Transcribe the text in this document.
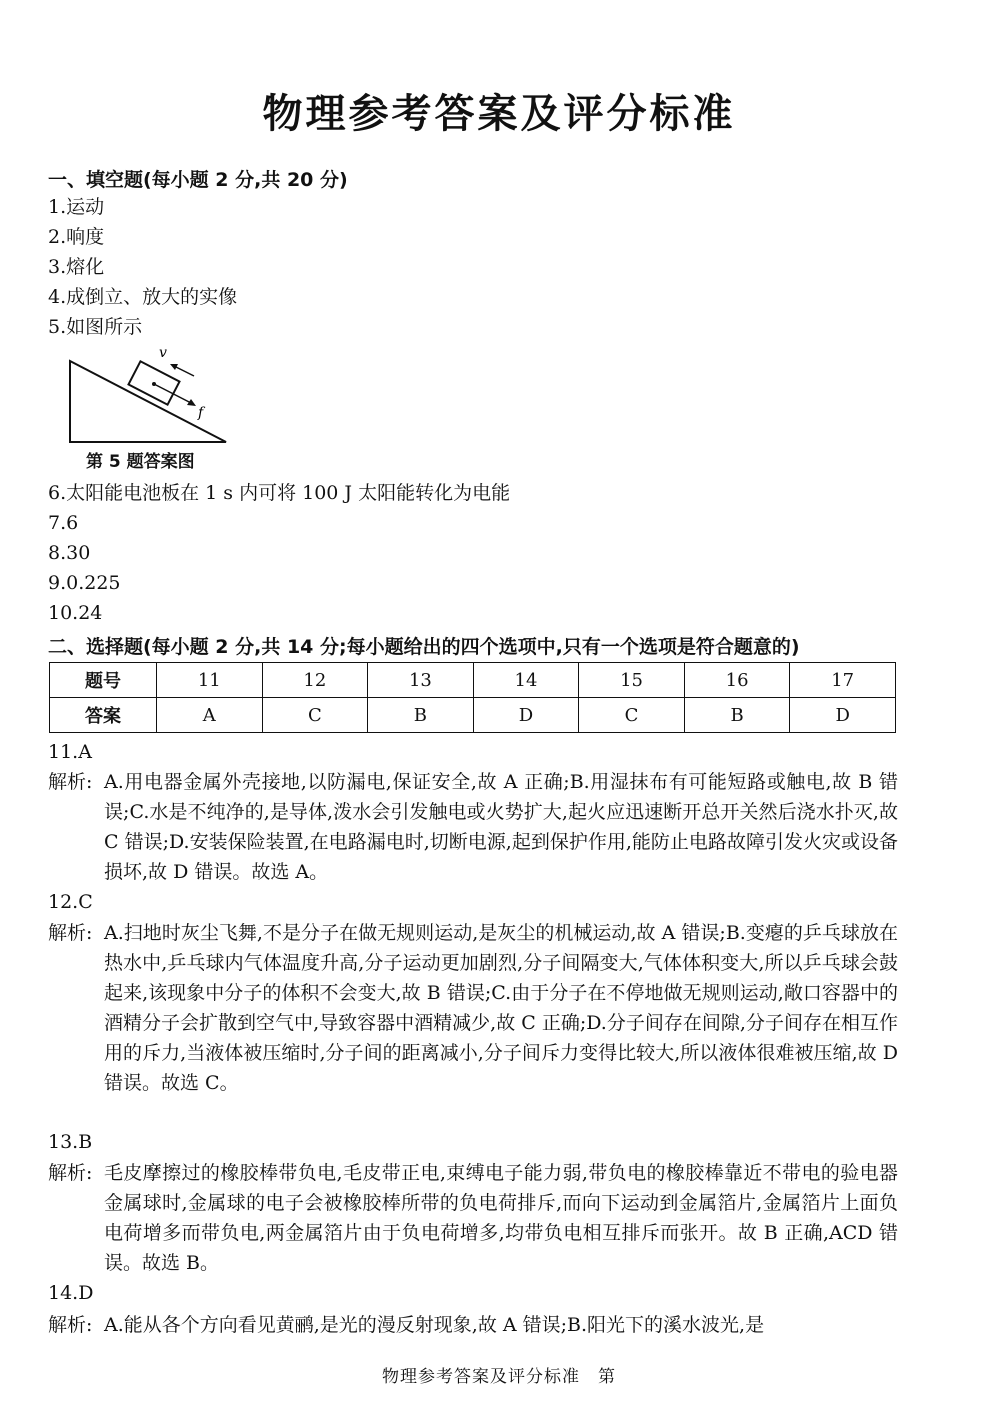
物理参考答案及评分标准
一、填空题(每小题 2 分,共 20 分)
1.运动
2.响度
3.熔化
4.成倒立、放大的实像
5.如图所示
v
f
第 5 题答案图
6.太阳能电池板在 1 s 内可将 100 J 太阳能转化为电能
7.6
8.30
9.0.225
10.24
二、选择题(每小题 2 分,共 14 分;每小题给出的四个选项中,只有一个选项是符合题意的)
题号	11	12	13	14	15	16	17
答案	A	C	B	D	C	B	D
11.A
解析: A.用电器金属外壳接地,以防漏电,保证安全,故 A 正确;B.用湿抹布有可能短路或触电,故 B 错误;C.水是不纯净的,是导体,泼水会引发触电或火势扩大,起火应迅速断开总开关然后浇水扑灭,故 C 错误;D.安装保险装置,在电路漏电时,切断电源,起到保护作用,能防止电路故障引发火灾或设备损坏,故 D 错误。故选 A。
12.C
解析: A.扫地时灰尘飞舞,不是分子在做无规则运动,是灰尘的机械运动,故 A 错误;B.变瘪的乒乓球放在热水中,乒乓球内气体温度升高,分子运动更加剧烈,分子间隔变大,气体体积变大,所以乒乓球会鼓起来,该现象中分子的体积不会变大,故 B 错误;C.由于分子在不停地做无规则运动,敞口容器中的酒精分子会扩散到空气中,导致容器中酒精减少,故 C 正确;D.分子间存在间隙,分子间存在相互作用的斥力,当液体被压缩时,分子间的距离减小,分子间斥力变得比较大,所以液体很难被压缩,故 D 错误。故选 C。
13.B
解析: 毛皮摩擦过的橡胶棒带负电,毛皮带正电,束缚电子能力弱,带负电的橡胶棒靠近不带电的验电器金属球时,金属球的电子会被橡胶棒所带的负电荷排斥,而向下运动到金属箔片,金属箔片上面负电荷增多而带负电,两金属箔片由于负电荷增多,均带负电相互排斥而张开。故 B 正确,ACD 错误。故选 B。
14.D
解析: A.能从各个方向看见黄鹂,是光的漫反射现象,故 A 错误;B.阳光下的溪水波光,是
物理参考答案及评分标准　第
